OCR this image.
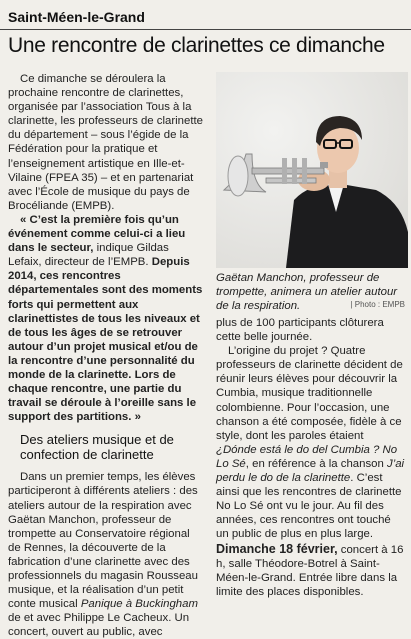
Saint-Méen-le-Grand
Une rencontre de clarinettes ce dimanche

Ce dimanche se déroulera la prochaine rencontre de clarinettes, organisée par l’association Tous à la clarinette, les professeurs de clarinette du département – sous l’égide de la Fédération pour la pratique et l’enseignement artistique en Ille-et-Vilaine (FPEA 35) – et en partenariat avec l’École de musique du pays de Brocéliande (EMPB).

« C’est la première fois qu’un événement comme celui-ci a lieu dans le secteur, indique Gildas Lefaix, directeur de l’EMPB. Depuis 2014, ces rencontres départementales sont des moments forts qui permettent aux clarinettistes de tous les niveaux et de tous les âges de se retrouver autour d’un projet musical et/ou de la rencontre d’une personnalité du monde de la clarinette. Lors de chaque rencontre, une partie du travail se déroule à l’oreille sans le support des partitions. »

Des ateliers musique et de confection de clarinette

Dans un premier temps, les élèves participeront à différents ateliers : des ateliers autour de la respiration avec Gaëtan Manchon, professeur de trompette au Conservatoire régional de Rennes, la découverte de la fabrication d’une clarinette avec des professionnels du magasin Rousseau musique, et la réalisation d’un petit conte musical Panique à Buckingham de et avec Philippe Le Cacheux. Un concert, ouvert au public, avec

Gaëtan Manchon, professeur de trompette, animera un atelier autour de la respiration.	| Photo : EMPB

plus de 100 participants clôturera cette belle journée.

L’origine du projet ? Quatre professeurs de clarinette décident de réunir leurs élèves pour découvrir la Cumbia, musique traditionnelle colombienne. Pour l’occasion, une chanson a été composée, fidèle à ce style, dont les paroles étaient ¿Dónde está le do del Cumbia ? No Lo Sé, en référence à la chanson J’ai perdu le do de la clarinette. C’est ainsi que les rencontres de clarinette No Lo Sé ont vu le jour. Au fil des années, ces rencontres ont touché un public de plus en plus large.

Dimanche 18 février, concert à 16 h, salle Théodore-Botrel à Saint-Méen-le-Grand. Entrée libre dans la limite des places disponibles.
